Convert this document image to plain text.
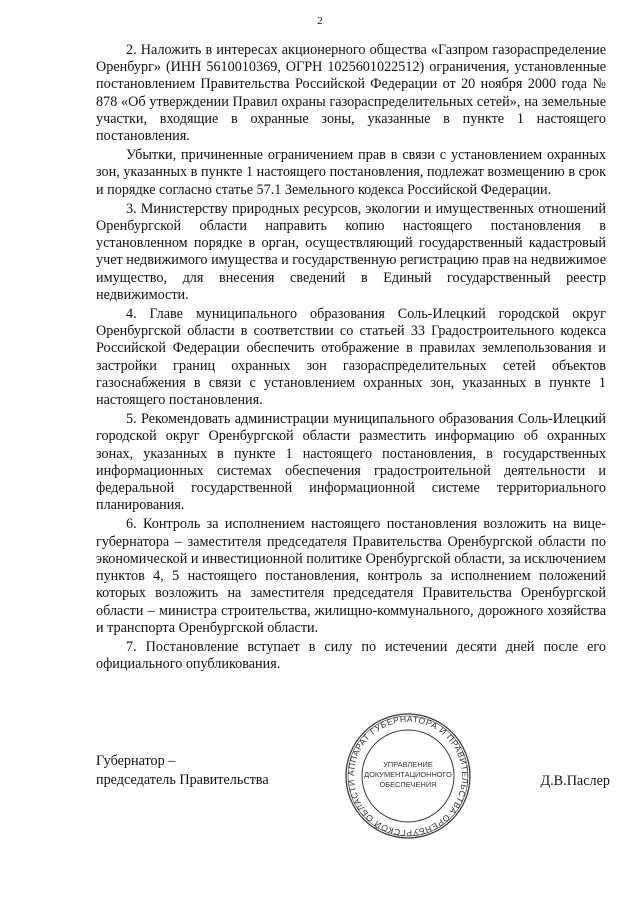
2

2. Наложить в интересах акционерного общества «Газпром газораспределение Оренбург» (ИНН 5610010369, ОГРН 1025601022512) ограничения, установленные постановлением Правительства Российской Федерации от 20 ноября 2000 года № 878 «Об утверждении Правил охраны газораспределительных сетей», на земельные участки, входящие в охранные зоны, указанные в пункте 1 настоящего постановления.

Убытки, причиненные ограничением прав в связи с установлением охранных зон, указанных в пункте 1 настоящего постановления, подлежат возмещению в срок и порядке согласно статье 57.1 Земельного кодекса Российской Федерации.

3. Министерству природных ресурсов, экологии и имущественных отношений Оренбургской области направить копию настоящего постановления в установленном порядке в орган, осуществляющий государственный кадастровый учет недвижимого имущества и государственную регистрацию прав на недвижимое имущество, для внесения сведений в Единый государственный реестр недвижимости.

4. Главе муниципального образования Соль-Илецкий городской округ Оренбургской области в соответствии со статьей 33 Градостроительного кодекса Российской Федерации обеспечить отображение в правилах землепользования и застройки границ охранных зон газораспределительных сетей объектов газоснабжения в связи с установлением охранных зон, указанных в пункте 1 настоящего постановления.

5. Рекомендовать администрации муниципального образования Соль-Илецкий городской округ Оренбургской области разместить информацию об охранных зонах, указанных в пункте 1 настоящего постановления, в государственных информационных системах обеспечения градостроительной деятельности и федеральной государственной информационной системе территориального планирования.

6. Контроль за исполнением настоящего постановления возложить на вице-губернатора – заместителя председателя Правительства Оренбургской области по экономической и инвестиционной политике Оренбургской области, за исключением пунктов 4, 5 настоящего постановления, контроль за исполнением положений которых возложить на заместителя председателя Правительства Оренбургской области – министра строительства, жилищно-коммунального, дорожного хозяйства и транспорта Оренбургской области.

7. Постановление вступает в силу по истечении десяти дней после его официального опубликования.

Губернатор –
председатель Правительства	Д.В.Паслер
АППАРАТ ГУБЕРНАТОРА И ПРАВИТЕЛЬСТВА ОРЕНБУРГСКОЙ ОБЛАСТИ
УПРАВЛЕНИЕ
ДОКУМЕНТАЦИОННОГО
ОБЕСПЕЧЕНИЯ
